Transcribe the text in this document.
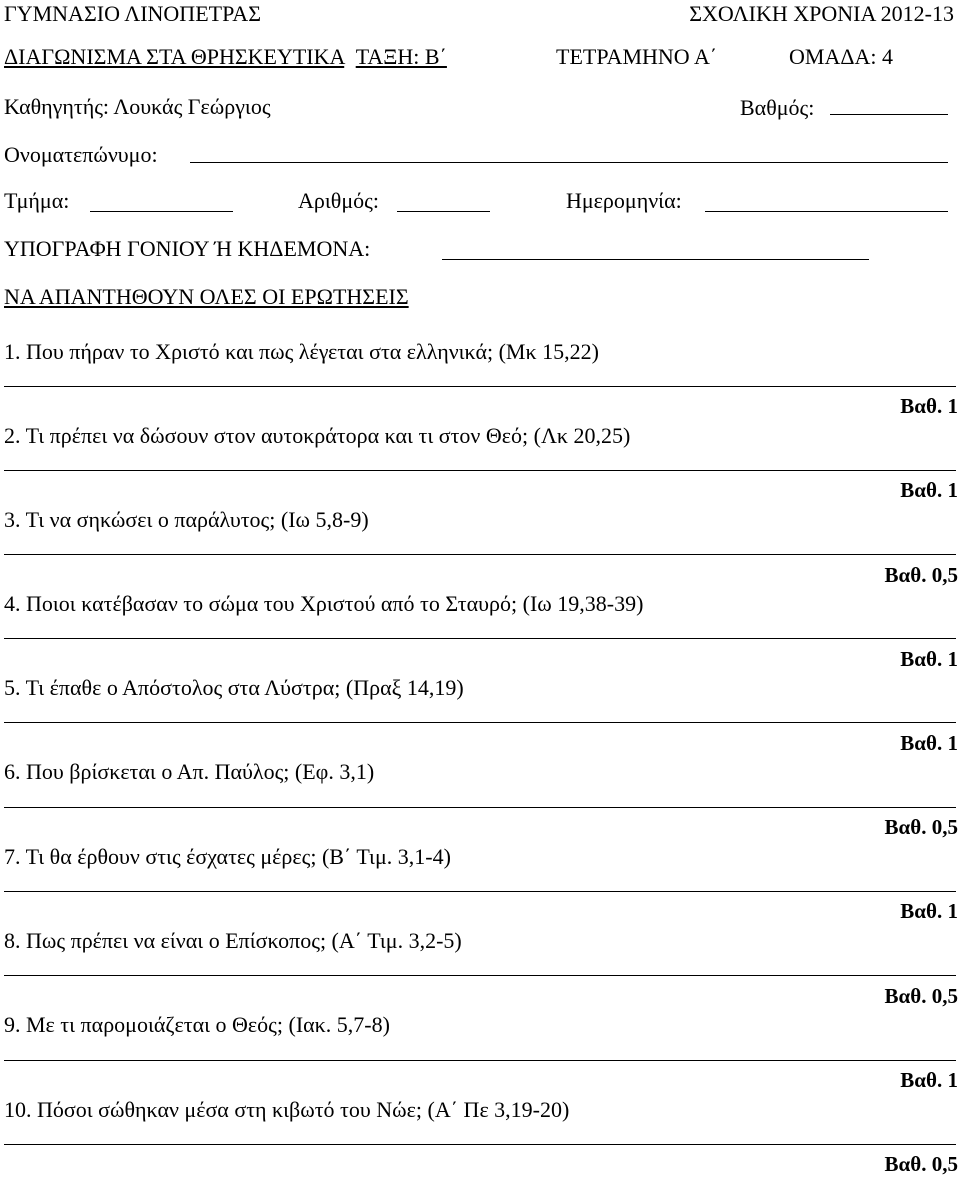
ΓΥΜΝΑΣΙΟ ΛΙΝΟΠΕΤΡΑΣ	ΣΧΟΛΙΚΗ ΧΡΟΝΙΑ 2012-13
ΔΙΑΓΩΝΙΣΜΑ ΣΤΑ ΘΡΗΣΚΕΥΤΙΚΑ ΤΑΞΗ: Β΄	ΤΕΤΡΑΜΗΝΟ Α΄	ΟΜΑΔΑ: 4
Καθηγητής: Λουκάς Γεώργιος	Βαθμός:
Ονοματεπώνυμο:
Τμήμα:	Αριθμός:	Ημερομηνία:
ΥΠΟΓΡΑΦΗ ΓΟΝΙΟΥ Ή ΚΗΔΕΜΟΝΑ:
ΝΑ ΑΠΑΝΤΗΘΟΥΝ ΟΛΕΣ ΟΙ ΕΡΩΤΗΣΕΙΣ
1. Που πήραν το Χριστό και πως λέγεται στα ελληνικά; (Μκ 15,22)
Βαθ. 1
2. Τι πρέπει να δώσουν στον αυτοκράτορα και τι στον Θεό; (Λκ 20,25)
Βαθ. 1
3. Τι να σηκώσει ο παράλυτος; (Ιω 5,8-9)
Βαθ. 0,5
4. Ποιοι κατέβασαν το σώμα του Χριστού από το Σταυρό; (Ιω 19,38-39)
Βαθ. 1
5. Τι έπαθε ο Απόστολος στα Λύστρα; (Πραξ 14,19)
Βαθ. 1
6. Που βρίσκεται ο Απ. Παύλος; (Εφ. 3,1)
Βαθ. 0,5
7. Τι θα έρθουν στις έσχατες μέρες; (Β΄ Τιμ. 3,1-4)
Βαθ. 1
8. Πως πρέπει να είναι ο Επίσκοπος; (Α΄ Τιμ. 3,2-5)
Βαθ. 0,5
9. Με τι παρομοιάζεται ο Θεός; (Ιακ. 5,7-8)
Βαθ. 1
10. Πόσοι σώθηκαν μέσα στη κιβωτό του Νώε; (Α΄ Πε 3,19-20)
Βαθ. 0,5
